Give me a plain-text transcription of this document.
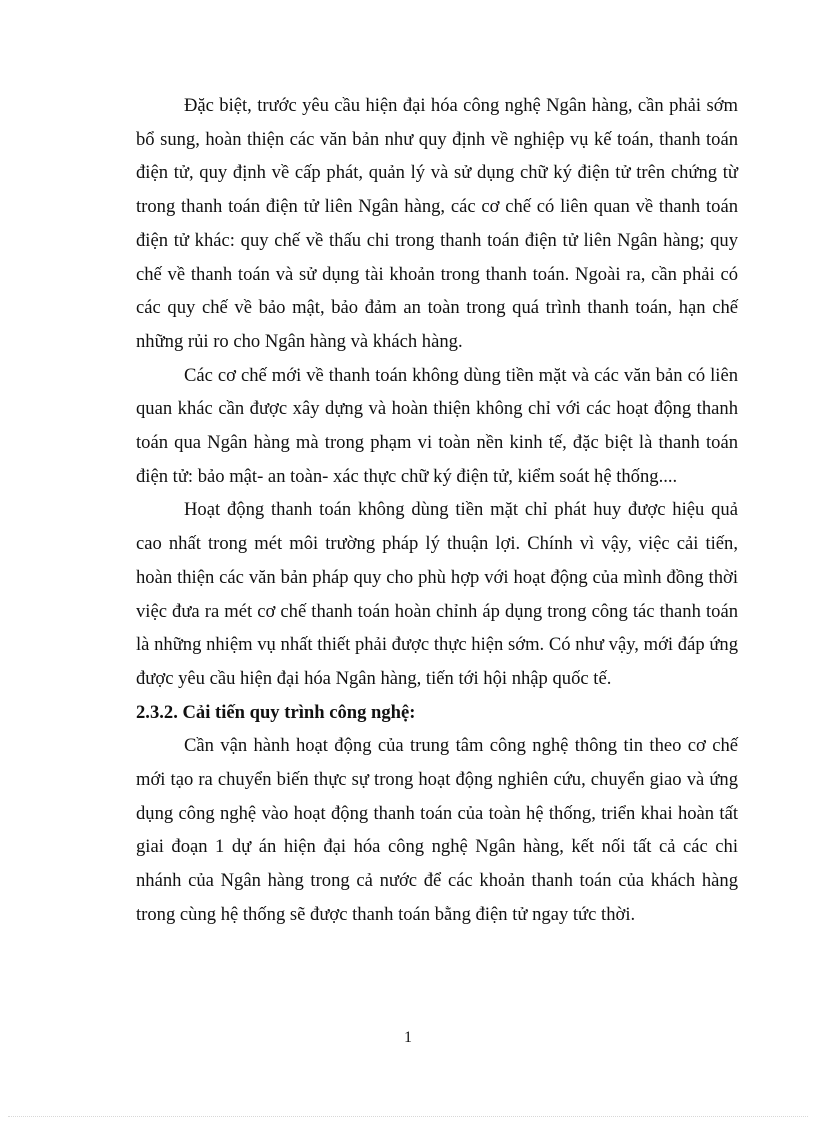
Đặc biệt, trước yêu cầu hiện đại hóa công nghệ Ngân hàng, cần phải sớm bổ sung, hoàn thiện các văn bản như quy định về nghiệp vụ kế toán, thanh toán điện tử, quy định về cấp phát, quản lý và sử dụng chữ ký điện tử trên chứng từ trong thanh toán điện tử liên Ngân hàng, các cơ chế có liên quan về thanh toán điện tử khác: quy chế về thấu chi trong thanh toán điện tử liên Ngân hàng; quy chế về thanh toán và sử dụng tài khoản trong thanh toán. Ngoài ra, cần phải có các quy chế về bảo mật, bảo đảm an toàn trong quá trình thanh toán, hạn chế những rủi ro cho Ngân hàng và khách hàng.

Các cơ chế mới về thanh toán không dùng tiền mặt và các văn bản có liên quan khác cần được xây dựng và hoàn thiện không chỉ với các hoạt động thanh toán qua Ngân hàng mà trong phạm vi toàn nền kinh tế, đặc biệt là thanh toán điện tử: bảo mật- an toàn- xác thực chữ ký điện tử, kiểm soát hệ thống....

Hoạt động thanh toán không dùng tiền mặt chỉ phát huy được hiệu quả cao nhất trong mét môi trường pháp lý thuận lợi. Chính vì vậy, việc cải tiến, hoàn thiện các văn bản pháp quy cho phù hợp với hoạt động của mình đồng thời việc đưa ra mét cơ chế thanh toán hoàn chỉnh áp dụng trong công tác thanh toán là những nhiệm vụ nhất thiết phải được thực hiện sớm. Có như vậy, mới đáp ứng được yêu cầu hiện đại hóa Ngân hàng, tiến tới hội nhập quốc tế.

2.3.2. Cải tiến quy trình công nghệ:

Cần vận hành hoạt động của trung tâm công nghệ thông tin theo cơ chế mới tạo ra chuyển biến thực sự trong hoạt động nghiên cứu, chuyển giao và ứng dụng công nghệ vào hoạt động thanh toán của toàn hệ thống, triển khai hoàn tất giai đoạn 1 dự án hiện đại hóa công nghệ Ngân hàng, kết nối tất cả các chi nhánh của Ngân hàng trong cả nước để các khoản thanh toán của khách hàng trong cùng hệ thống sẽ được thanh toán bằng điện tử ngay tức thời.

1
